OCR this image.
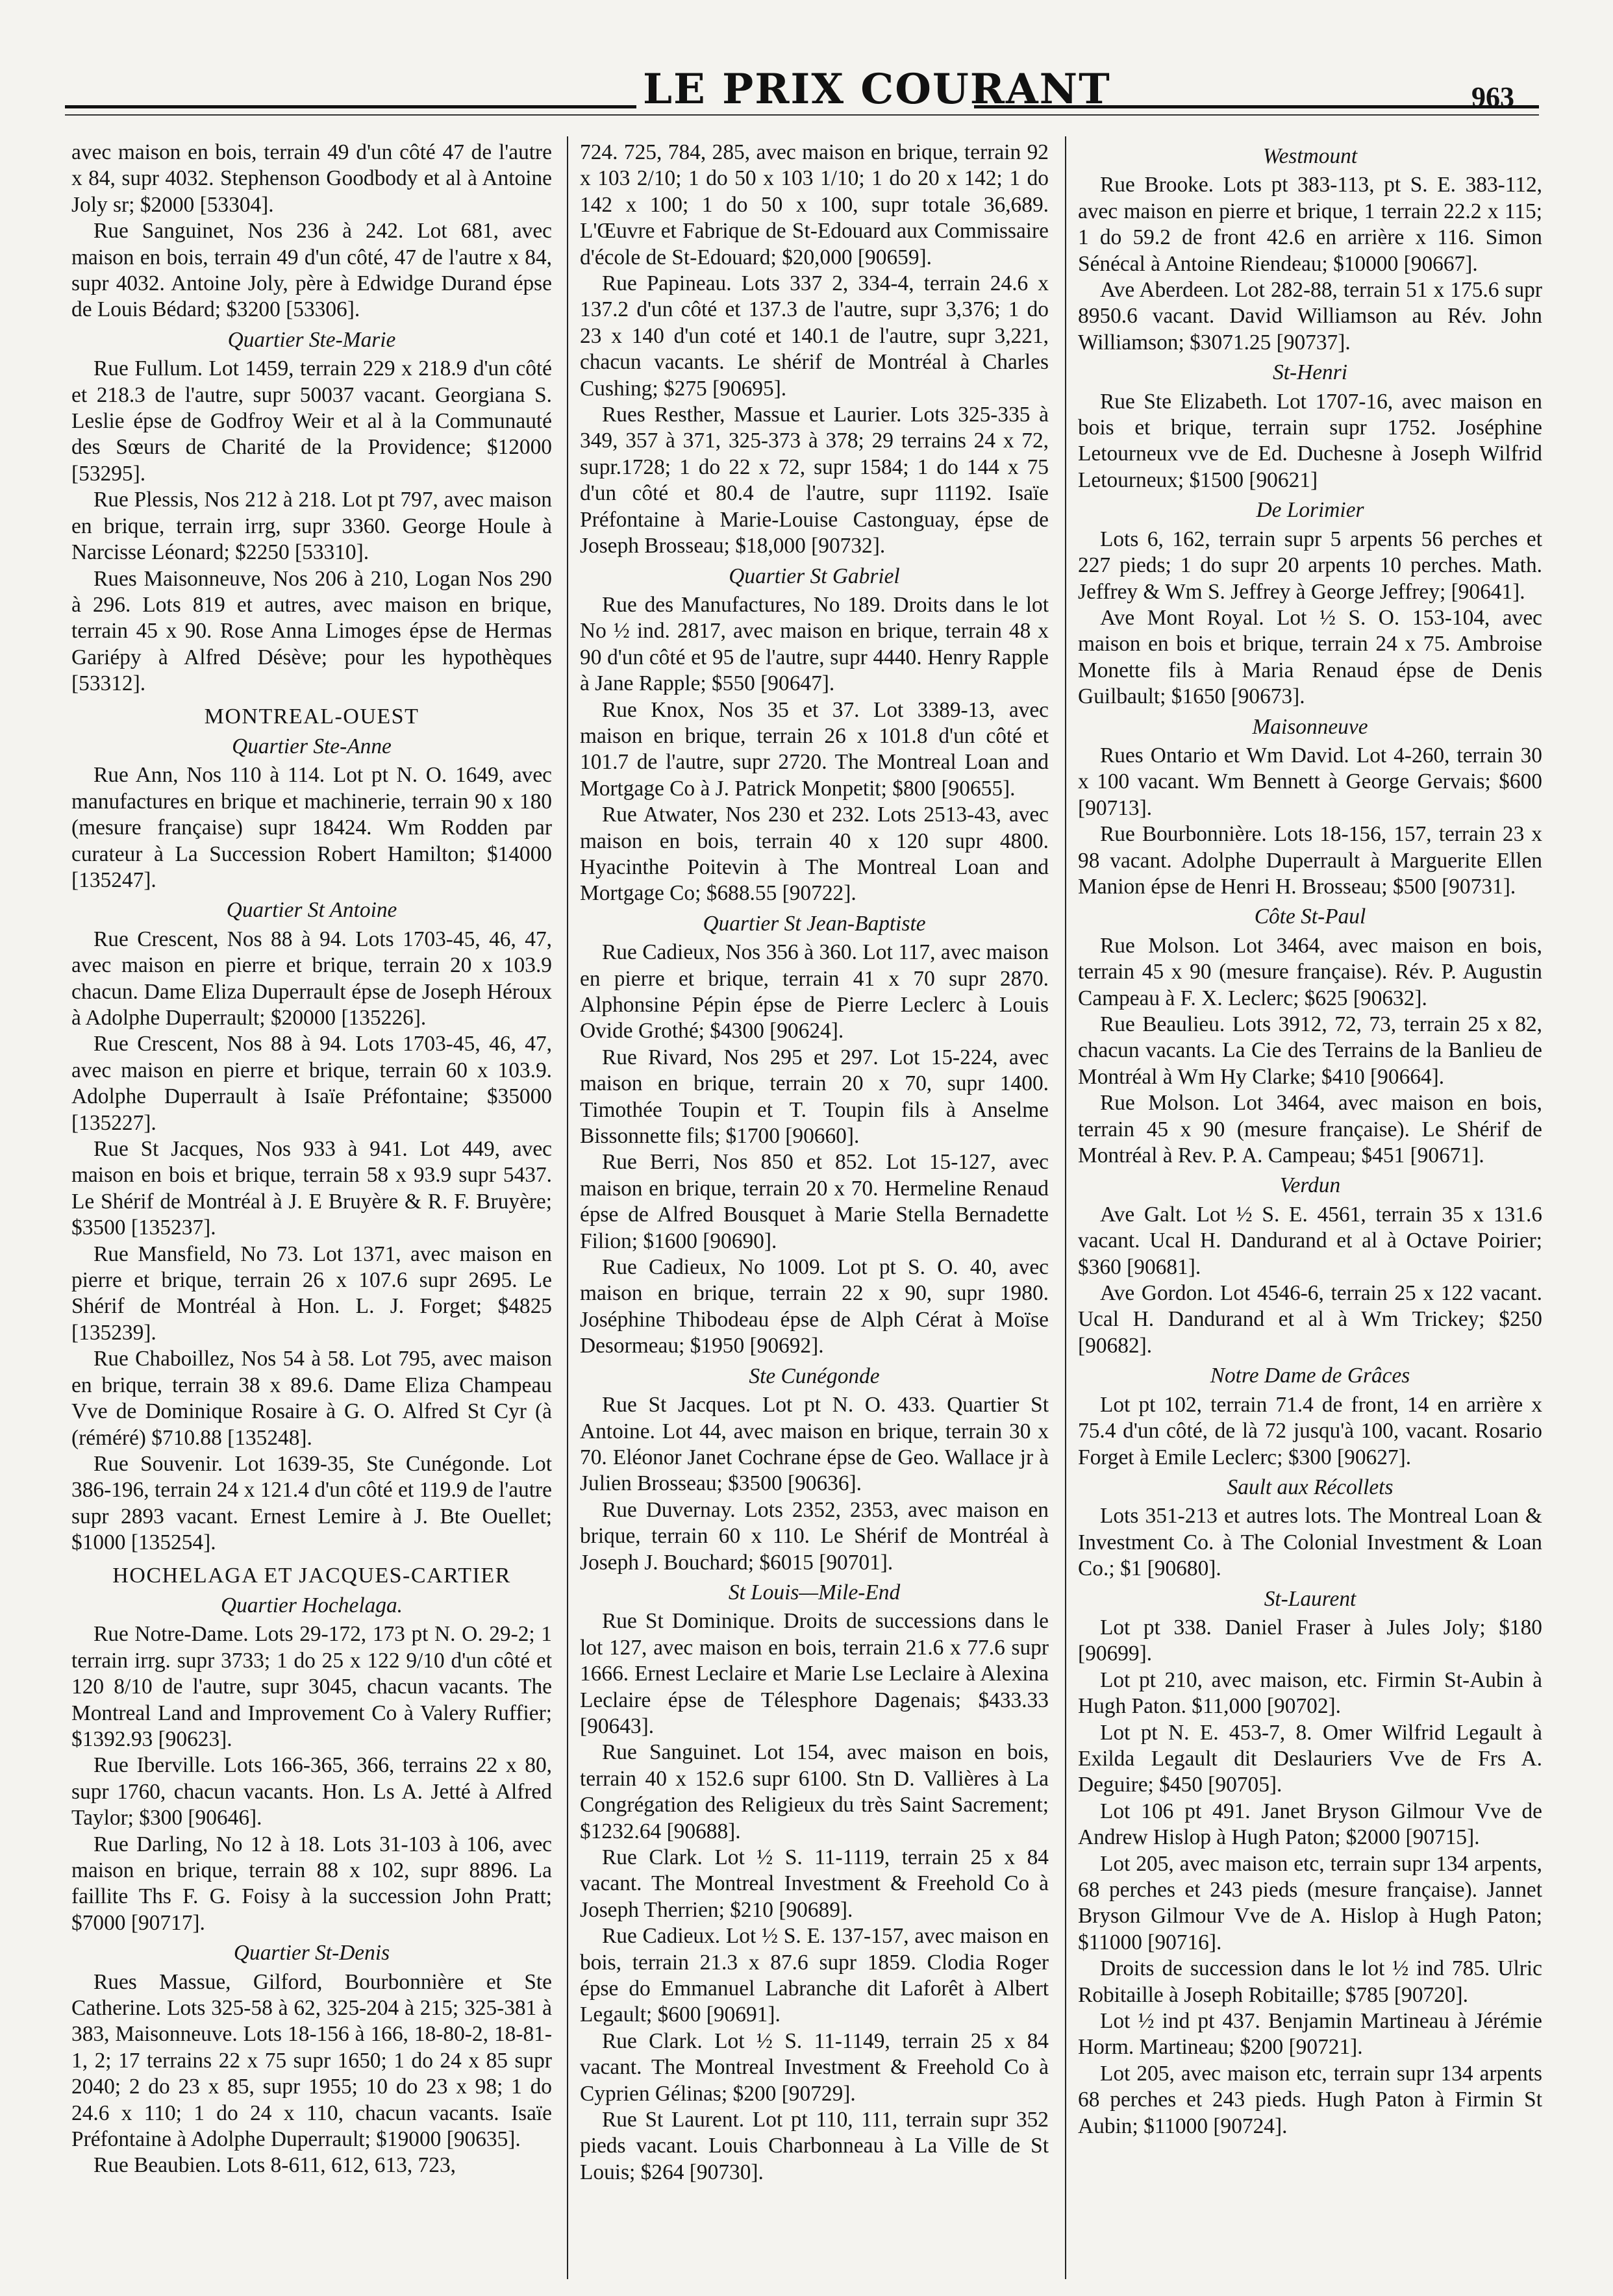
LE PRIX COURANT	963

avec maison en bois, terrain 49 d'un côté 47 de l'autre x 84, supr 4032. Stephenson Goodbody et al à Antoine Joly sr; $2000 [53304].

Rue Sanguinet, Nos 236 à 242. Lot 681, avec maison en bois, terrain 49 d'un côté, 47 de l'autre x 84, supr 4032. Antoine Joly, père à Edwidge Durand épse de Louis Bédard; $3200 [53306].

Quartier Ste-Marie

Rue Fullum. Lot 1459, terrain 229 x 218.9 d'un côté et 218.3 de l'autre, supr 50037 vacant. Georgiana S. Leslie épse de Godfroy Weir et al à la Communauté des Sœurs de Charité de la Providence; $12000 [53295].

Rue Plessis, Nos 212 à 218. Lot pt 797, avec maison en brique, terrain irrg, supr 3360. George Houle à Narcisse Léonard; $2250 [53310].

Rues Maisonneuve, Nos 206 à 210, Logan Nos 290 à 296. Lots 819 et autres, avec maison en brique, terrain 45 x 90. Rose Anna Limoges épse de Hermas Gariépy à Alfred Désève; pour les hypothèques [53312].

MONTREAL-OUEST

Quartier Ste-Anne

Rue Ann, Nos 110 à 114. Lot pt N. O. 1649, avec manufactures en brique et machinerie, terrain 90 x 180 (mesure française) supr 18424. Wm Rodden par curateur à La Succession Robert Hamilton; $14000 [135247].

Quartier St Antoine

Rue Crescent, Nos 88 à 94. Lots 1703-45, 46, 47, avec maison en pierre et brique, terrain 20 x 103.9 chacun. Dame Eliza Duperrault épse de Joseph Héroux à Adolphe Duperrault; $20000 [135226].

Rue Crescent, Nos 88 à 94. Lots 1703-45, 46, 47, avec maison en pierre et brique, terrain 60 x 103.9. Adolphe Duperrault à Isaïe Préfontaine; $35000 [135227].

Rue St Jacques, Nos 933 à 941. Lot 449, avec maison en bois et brique, terrain 58 x 93.9 supr 5437. Le Shérif de Montréal à J. E Bruyère & R. F. Bruyère; $3500 [135237].

Rue Mansfield, No 73. Lot 1371, avec maison en pierre et brique, terrain 26 x 107.6 supr 2695. Le Shérif de Montréal à Hon. L. J. Forget; $4825 [135239].

Rue Chaboillez, Nos 54 à 58. Lot 795, avec maison en brique, terrain 38 x 89.6. Dame Eliza Champeau Vve de Dominique Rosaire à G. O. Alfred St Cyr (à (réméré) $710.88 [135248].

Rue Souvenir. Lot 1639-35, Ste Cunégonde. Lot 386-196, terrain 24 x 121.4 d'un côté et 119.9 de l'autre supr 2893 vacant. Ernest Lemire à J. Bte Ouellet; $1000 [135254].

HOCHELAGA ET JACQUES-CARTIER

Quartier Hochelaga.

Rue Notre-Dame. Lots 29-172, 173 pt N. O. 29-2; 1 terrain irrg. supr 3733; 1 do 25 x 122 9/10 d'un côté et 120 8/10 de l'autre, supr 3045, chacun vacants. The Montreal Land and Improvement Co à Valery Ruffier; $1392.93 [90623].

Rue Iberville. Lots 166-365, 366, terrains 22 x 80, supr 1760, chacun vacants. Hon. Ls A. Jetté à Alfred Taylor; $300 [90646].

Rue Darling, No 12 à 18. Lots 31-103 à 106, avec maison en brique, terrain 88 x 102, supr 8896. La faillite Ths F. G. Foisy à la succession John Pratt; $7000 [90717].

Quartier St-Denis

Rues Massue, Gilford, Bourbonnière et Ste Catherine. Lots 325-58 à 62, 325-204 à 215; 325-381 à 383, Maisonneuve. Lots 18-156 à 166, 18-80-2, 18-81-1, 2; 17 terrains 22 x 75 supr 1650; 1 do 24 x 85 supr 2040; 2 do 23 x 85, supr 1955; 10 do 23 x 98; 1 do 24.6 x 110; 1 do 24 x 110, chacun vacants. Isaïe Préfontaine à Adolphe Duperrault; $19000 [90635].

Rue Beaubien. Lots 8-611, 612, 613, 723,

724. 725, 784, 285, avec maison en brique, terrain 92 x 103 2/10; 1 do 50 x 103 1/10; 1 do 20 x 142; 1 do 142 x 100; 1 do 50 x 100, supr totale 36,689. L'Œuvre et Fabrique de St-Edouard aux Commissaire d'école de St-Edouard; $20,000 [90659].

Rue Papineau. Lots 337 2, 334-4, terrain 24.6 x 137.2 d'un côté et 137.3 de l'autre, supr 3,376; 1 do 23 x 140 d'un coté et 140.1 de l'autre, supr 3,221, chacun vacants. Le shérif de Montréal à Charles Cushing; $275 [90695].

Rues Resther, Massue et Laurier. Lots 325-335 à 349, 357 à 371, 325-373 à 378; 29 terrains 24 x 72, supr.1728; 1 do 22 x 72, supr 1584; 1 do 144 x 75 d'un côté et 80.4 de l'autre, supr 11192. Isaïe Préfontaine à Marie-Louise Castonguay, épse de Joseph Brosseau; $18,000 [90732].

Quartier St Gabriel

Rue des Manufactures, No 189. Droits dans le lot No ½ ind. 2817, avec maison en brique, terrain 48 x 90 d'un côté et 95 de l'autre, supr 4440. Henry Rapple à Jane Rapple; $550 [90647].

Rue Knox, Nos 35 et 37. Lot 3389-13, avec maison en brique, terrain 26 x 101.8 d'un côté et 101.7 de l'autre, supr 2720. The Montreal Loan and Mortgage Co à J. Patrick Monpetit; $800 [90655].

Rue Atwater, Nos 230 et 232. Lots 2513-43, avec maison en bois, terrain 40 x 120 supr 4800. Hyacinthe Poitevin à The Montreal Loan and Mortgage Co; $688.55 [90722].

Quartier St Jean-Baptiste

Rue Cadieux, Nos 356 à 360. Lot 117, avec maison en pierre et brique, terrain 41 x 70 supr 2870. Alphonsine Pépin épse de Pierre Leclerc à Louis Ovide Grothé; $4300 [90624].

Rue Rivard, Nos 295 et 297. Lot 15-224, avec maison en brique, terrain 20 x 70, supr 1400. Timothée Toupin et T. Toupin fils à Anselme Bissonnette fils; $1700 [90660].

Rue Berri, Nos 850 et 852. Lot 15-127, avec maison en brique, terrain 20 x 70. Hermeline Renaud épse de Alfred Bousquet à Marie Stella Bernadette Filion; $1600 [90690].

Rue Cadieux, No 1009. Lot pt S. O. 40, avec maison en brique, terrain 22 x 90, supr 1980. Joséphine Thibodeau épse de Alph Cérat à Moïse Desormeau; $1950 [90692].

Ste Cunégonde

Rue St Jacques. Lot pt N. O. 433. Quartier St Antoine. Lot 44, avec maison en brique, terrain 30 x 70. Eléonor Janet Cochrane épse de Geo. Wallace jr à Julien Brosseau; $3500 [90636].

Rue Duvernay. Lots 2352, 2353, avec maison en brique, terrain 60 x 110. Le Shérif de Montréal à Joseph J. Bouchard; $6015 [90701].

St Louis—Mile-End

Rue St Dominique. Droits de successions dans le lot 127, avec maison en bois, terrain 21.6 x 77.6 supr 1666. Ernest Leclaire et Marie Lse Leclaire à Alexina Leclaire épse de Télesphore Dagenais; $433.33 [90643].

Rue Sanguinet. Lot 154, avec maison en bois, terrain 40 x 152.6 supr 6100. Stn D. Vallières à La Congrégation des Religieux du très Saint Sacrement; $1232.64 [90688].

Rue Clark. Lot ½ S. 11-1119, terrain 25 x 84 vacant. The Montreal Investment & Freehold Co à Joseph Therrien; $210 [90689].

Rue Cadieux. Lot ½ S. E. 137-157, avec maison en bois, terrain 21.3 x 87.6 supr 1859. Clodia Roger épse do Emmanuel Labranche dit Laforêt à Albert Legault; $600 [90691].

Rue Clark. Lot ½ S. 11-1149, terrain 25 x 84 vacant. The Montreal Investment & Freehold Co à Cyprien Gélinas; $200 [90729].

Rue St Laurent. Lot pt 110, 111, terrain supr 352 pieds vacant. Louis Charbonneau à La Ville de St Louis; $264 [90730].

Westmount

Rue Brooke. Lots pt 383-113, pt S. E. 383-112, avec maison en pierre et brique, 1 terrain 22.2 x 115; 1 do 59.2 de front 42.6 en arrière x 116. Simon Sénécal à Antoine Riendeau; $10000 [90667].

Ave Aberdeen. Lot 282-88, terrain 51 x 175.6 supr 8950.6 vacant. David Williamson au Rév. John Williamson; $3071.25 [90737].

St-Henri

Rue Ste Elizabeth. Lot 1707-16, avec maison en bois et brique, terrain supr 1752. Joséphine Letourneux vve de Ed. Duchesne à Joseph Wilfrid Letourneux; $1500 [90621]

De Lorimier

Lots 6, 162, terrain supr 5 arpents 56 perches et 227 pieds; 1 do supr 20 arpents 10 perches. Math. Jeffrey & Wm S. Jeffrey à George Jeffrey; [90641].

Ave Mont Royal. Lot ½ S. O. 153-104, avec maison en bois et brique, terrain 24 x 75. Ambroise Monette fils à Maria Renaud épse de Denis Guilbault; $1650 [90673].

Maisonneuve

Rues Ontario et Wm David. Lot 4-260, terrain 30 x 100 vacant. Wm Bennett à George Gervais; $600 [90713].

Rue Bourbonnière. Lots 18-156, 157, terrain 23 x 98 vacant. Adolphe Duperrault à Marguerite Ellen Manion épse de Henri H. Brosseau; $500 [90731].

Côte St-Paul

Rue Molson. Lot 3464, avec maison en bois, terrain 45 x 90 (mesure française). Rév. P. Augustin Campeau à F. X. Leclerc; $625 [90632].

Rue Beaulieu. Lots 3912, 72, 73, terrain 25 x 82, chacun vacants. La Cie des Terrains de la Banlieu de Montréal à Wm Hy Clarke; $410 [90664].

Rue Molson. Lot 3464, avec maison en bois, terrain 45 x 90 (mesure française). Le Shérif de Montréal à Rev. P. A. Campeau; $451 [90671].

Verdun

Ave Galt. Lot ½ S. E. 4561, terrain 35 x 131.6 vacant. Ucal H. Dandurand et al à Octave Poirier; $360 [90681].

Ave Gordon. Lot 4546-6, terrain 25 x 122 vacant. Ucal H. Dandurand et al à Wm Trickey; $250 [90682].

Notre Dame de Grâces

Lot pt 102, terrain 71.4 de front, 14 en arrière x 75.4 d'un côté, de là 72 jusqu'à 100, vacant. Rosario Forget à Emile Leclerc; $300 [90627].

Sault aux Récollets

Lots 351-213 et autres lots. The Montreal Loan & Investment Co. à The Colonial Investment & Loan Co.; $1 [90680].

St-Laurent

Lot pt 338. Daniel Fraser à Jules Joly; $180 [90699].

Lot pt 210, avec maison, etc. Firmin St-Aubin à Hugh Paton. $11,000 [90702].

Lot pt N. E. 453-7, 8. Omer Wilfrid Legault à Exilda Legault dit Deslauriers Vve de Frs A. Deguire; $450 [90705].

Lot 106 pt 491. Janet Bryson Gilmour Vve de Andrew Hislop à Hugh Paton; $2000 [90715].

Lot 205, avec maison etc, terrain supr 134 arpents, 68 perches et 243 pieds (mesure française). Jannet Bryson Gilmour Vve de A. Hislop à Hugh Paton; $11000 [90716].

Droits de succession dans le lot ½ ind 785. Ulric Robitaille à Joseph Robitaille; $785 [90720].

Lot ½ ind pt 437. Benjamin Martineau à Jérémie Horm. Martineau; $200 [90721].

Lot 205, avec maison etc, terrain supr 134 arpents 68 perches et 243 pieds. Hugh Paton à Firmin St Aubin; $11000 [90724].
